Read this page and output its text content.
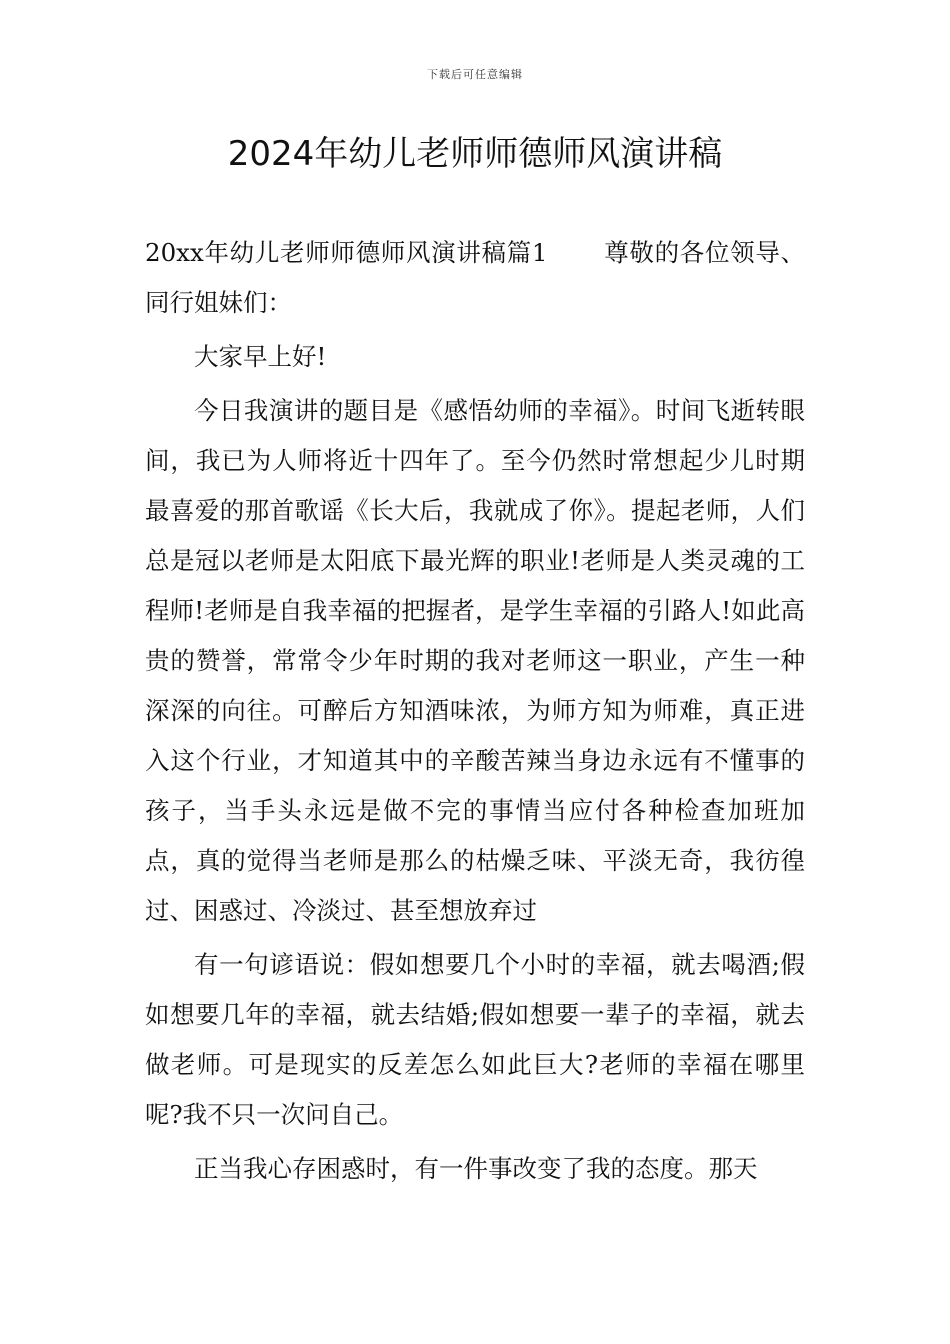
下载后可任意编辑
2024年幼儿老师师德师风演讲稿

20xx年幼儿老师师德师风演讲稿篇1 尊敬的各位领导、同行姐妹们：

大家早上好!

今日我演讲的题目是《感悟幼师的幸福》。时间飞逝转眼间，我已为人师将近十四年了。至今仍然时常想起少儿时期最喜爱的那首歌谣《长大后，我就成了你》。提起老师，人们总是冠以老师是太阳底下最光辉的职业!老师是人类灵魂的工程师!老师是自我幸福的把握者，是学生幸福的引路人!如此高贵的赞誉，常常令少年时期的我对老师这一职业，产生一种深深的向往。可醉后方知酒味浓，为师方知为师难，真正进入这个行业，才知道其中的辛酸苦辣当身边永远有不懂事的孩子，当手头永远是做不完的事情当应付各种检查加班加点，真的觉得当老师是那么的枯燥乏味、平淡无奇，我彷徨过、困惑过、冷淡过、甚至想放弃过

有一句谚语说：假如想要几个小时的幸福，就去喝酒;假如想要几年的幸福，就去结婚;假如想要一辈子的幸福，就去做老师。可是现实的反差怎么如此巨大?老师的幸福在哪里呢?我不只一次问自己。

正当我心存困惑时，有一件事改变了我的态度。那天
